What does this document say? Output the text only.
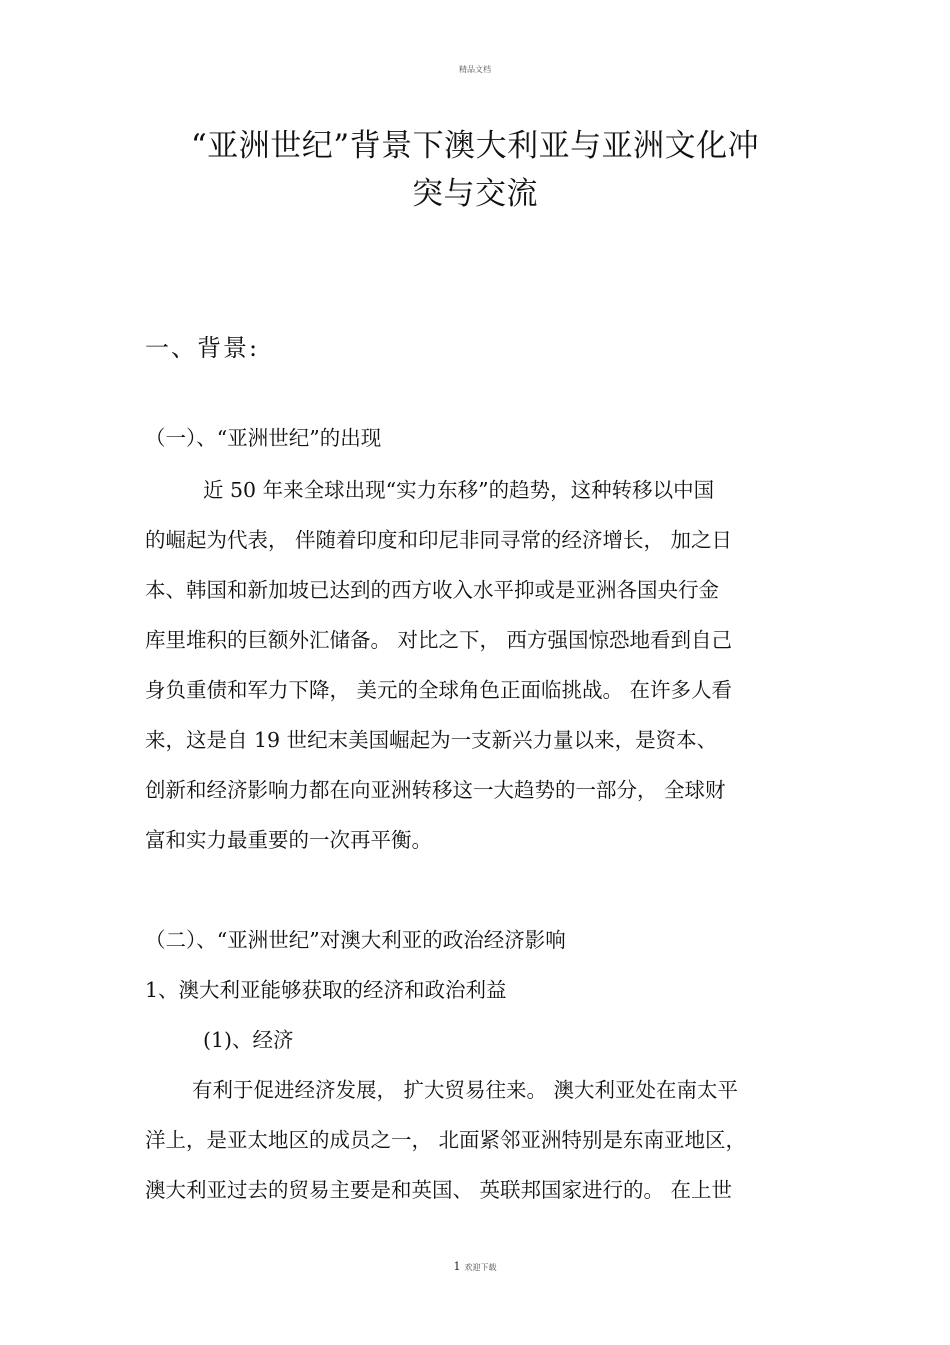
精品文档
“亚洲世纪”背景下澳大利亚与亚洲文化冲
突与交流
一、背景:
（一）、“亚洲世纪”的出现
近 50 年来全球出现“实力东移”的趋势，这种转移以中国
的崛起为代表， 伴随着印度和印尼非同寻常的经济增长， 加之日
本、韩国和新加坡已达到的西方收入水平抑或是亚洲各国央行金
库里堆积的巨额外汇储备。 对比之下， 西方强国惊恐地看到自己
身负重债和军力下降， 美元的全球角色正面临挑战。 在许多人看
来，这是自 19 世纪末美国崛起为一支新兴力量以来，是资本、
创新和经济影响力都在向亚洲转移这一大趋势的一部分， 全球财
富和实力最重要的一次再平衡。
（二）、“亚洲世纪”对澳大利亚的政治经济影响
1、澳大利亚能够获取的经济和政治利益
(1)、经济
有利于促进经济发展， 扩大贸易往来。 澳大利亚处在南太平
洋上，是亚太地区的成员之一， 北面紧邻亚洲特别是东南亚地区，
澳大利亚过去的贸易主要是和英国、 英联邦国家进行的。 在上世
1 欢迎下载
